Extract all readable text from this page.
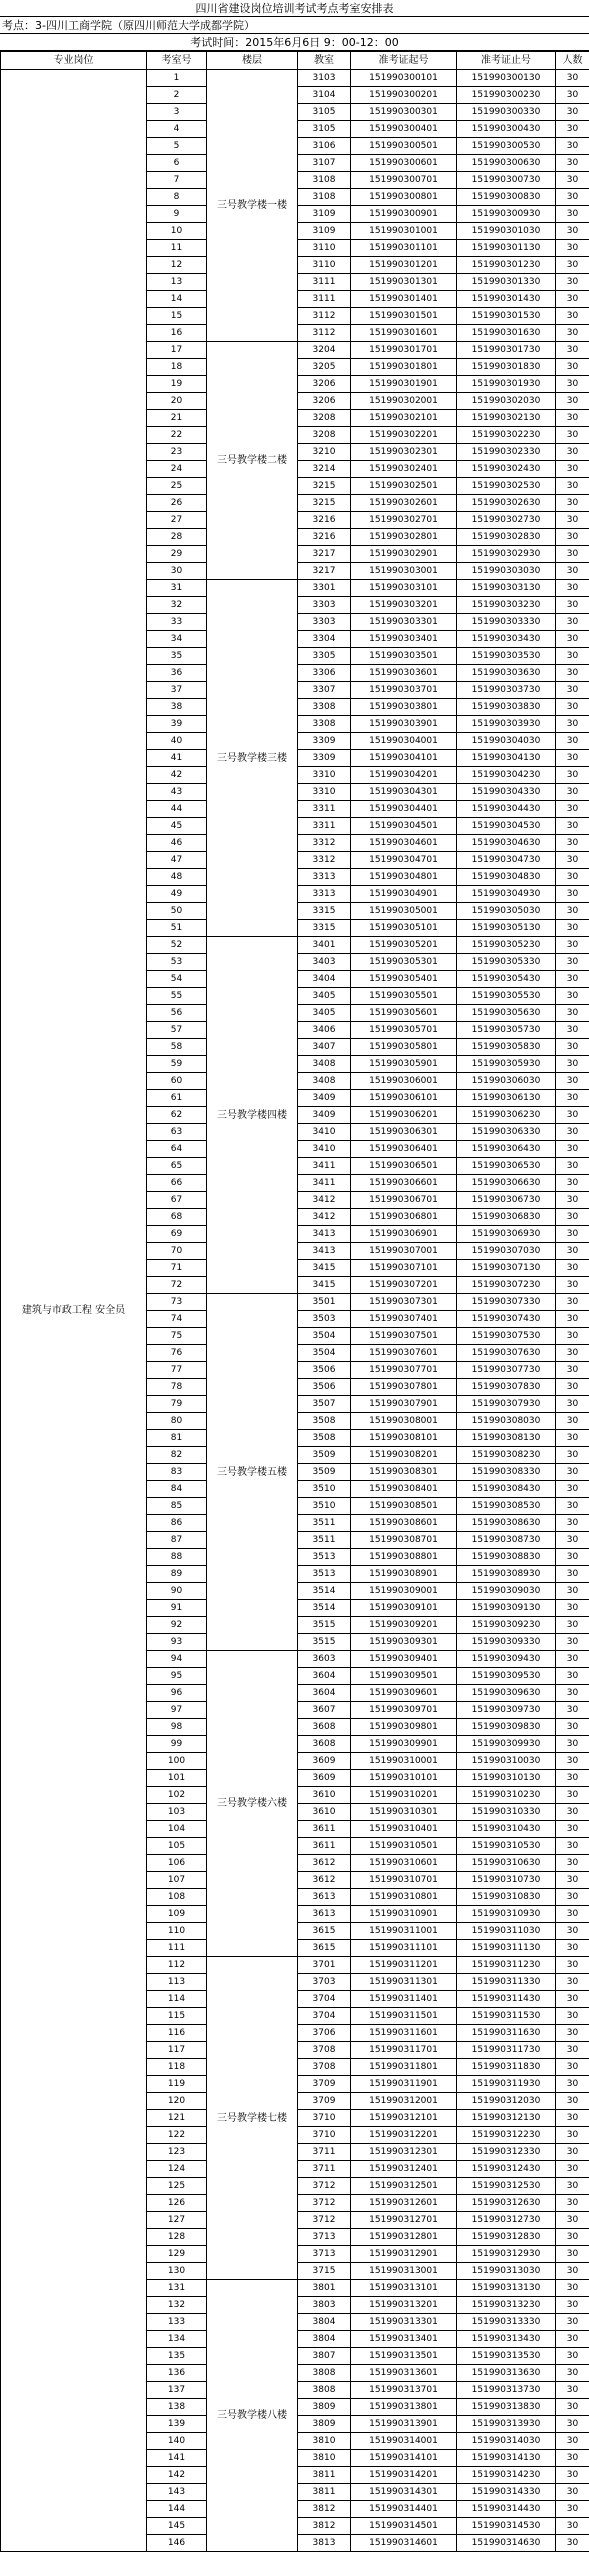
四川省建设岗位培训考试考点考室安排表
考点：3-四川工商学院（原四川师范大学成都学院）
考试时间：2015年6月6日 9：00-12：00
专业岗位	考室号	楼层	教室	准考证起号	准考证止号	人数
建筑与市政工程 安全员	1	三号教学楼一楼	3103	151990300101	151990300130	30
	2		3104	151990300201	151990300230	30
	3		3105	151990300301	151990300330	30
	4		3105	151990300401	151990300430	30
	5		3106	151990300501	151990300530	30
	6		3107	151990300601	151990300630	30
	7		3108	151990300701	151990300730	30
	8		3108	151990300801	151990300830	30
	9		3109	151990300901	151990300930	30
	10		3109	151990301001	151990301030	30
	11		3110	151990301101	151990301130	30
	12		3110	151990301201	151990301230	30
	13		3111	151990301301	151990301330	30
	14		3111	151990301401	151990301430	30
	15		3112	151990301501	151990301530	30
	16		3112	151990301601	151990301630	30
	17	三号教学楼二楼	3204	151990301701	151990301730	30
	18		3205	151990301801	151990301830	30
	19		3206	151990301901	151990301930	30
	20		3206	151990302001	151990302030	30
	21		3208	151990302101	151990302130	30
	22		3208	151990302201	151990302230	30
	23		3210	151990302301	151990302330	30
	24		3214	151990302401	151990302430	30
	25		3215	151990302501	151990302530	30
	26		3215	151990302601	151990302630	30
	27		3216	151990302701	151990302730	30
	28		3216	151990302801	151990302830	30
	29		3217	151990302901	151990302930	30
	30		3217	151990303001	151990303030	30
	31	三号教学楼三楼	3301	151990303101	151990303130	30
	32		3303	151990303201	151990303230	30
	33		3303	151990303301	151990303330	30
	34		3304	151990303401	151990303430	30
	35		3305	151990303501	151990303530	30
	36		3306	151990303601	151990303630	30
	37		3307	151990303701	151990303730	30
	38		3308	151990303801	151990303830	30
	39		3308	151990303901	151990303930	30
	40		3309	151990304001	151990304030	30
	41		3309	151990304101	151990304130	30
	42		3310	151990304201	151990304230	30
	43		3310	151990304301	151990304330	30
	44		3311	151990304401	151990304430	30
	45		3311	151990304501	151990304530	30
	46		3312	151990304601	151990304630	30
	47		3312	151990304701	151990304730	30
	48		3313	151990304801	151990304830	30
	49		3313	151990304901	151990304930	30
	50		3315	151990305001	151990305030	30
	51		3315	151990305101	151990305130	30
	52	三号教学楼四楼	3401	151990305201	151990305230	30
	53		3403	151990305301	151990305330	30
	54		3404	151990305401	151990305430	30
	55		3405	151990305501	151990305530	30
	56		3405	151990305601	151990305630	30
	57		3406	151990305701	151990305730	30
	58		3407	151990305801	151990305830	30
	59		3408	151990305901	151990305930	30
	60		3408	151990306001	151990306030	30
	61		3409	151990306101	151990306130	30
	62		3409	151990306201	151990306230	30
	63		3410	151990306301	151990306330	30
	64		3410	151990306401	151990306430	30
	65		3411	151990306501	151990306530	30
	66		3411	151990306601	151990306630	30
	67		3412	151990306701	151990306730	30
	68		3412	151990306801	151990306830	30
	69		3413	151990306901	151990306930	30
	70		3413	151990307001	151990307030	30
	71		3415	151990307101	151990307130	30
	72		3415	151990307201	151990307230	30
	73	三号教学楼五楼	3501	151990307301	151990307330	30
	74		3503	151990307401	151990307430	30
	75		3504	151990307501	151990307530	30
	76		3504	151990307601	151990307630	30
	77		3506	151990307701	151990307730	30
	78		3506	151990307801	151990307830	30
	79		3507	151990307901	151990307930	30
	80		3508	151990308001	151990308030	30
	81		3508	151990308101	151990308130	30
	82		3509	151990308201	151990308230	30
	83		3509	151990308301	151990308330	30
	84		3510	151990308401	151990308430	30
	85		3510	151990308501	151990308530	30
	86		3511	151990308601	151990308630	30
	87		3511	151990308701	151990308730	30
	88		3513	151990308801	151990308830	30
	89		3513	151990308901	151990308930	30
	90		3514	151990309001	151990309030	30
	91		3514	151990309101	151990309130	30
	92		3515	151990309201	151990309230	30
	93		3515	151990309301	151990309330	30
	94	三号教学楼六楼	3603	151990309401	151990309430	30
	95		3604	151990309501	151990309530	30
	96		3604	151990309601	151990309630	30
	97		3607	151990309701	151990309730	30
	98		3608	151990309801	151990309830	30
	99		3608	151990309901	151990309930	30
	100		3609	151990310001	151990310030	30
	101		3609	151990310101	151990310130	30
	102		3610	151990310201	151990310230	30
	103		3610	151990310301	151990310330	30
	104		3611	151990310401	151990310430	30
	105		3611	151990310501	151990310530	30
	106		3612	151990310601	151990310630	30
	107		3612	151990310701	151990310730	30
	108		3613	151990310801	151990310830	30
	109		3613	151990310901	151990310930	30
	110		3615	151990311001	151990311030	30
	111		3615	151990311101	151990311130	30
	112	三号教学楼七楼	3701	151990311201	151990311230	30
	113		3703	151990311301	151990311330	30
	114		3704	151990311401	151990311430	30
	115		3704	151990311501	151990311530	30
	116		3706	151990311601	151990311630	30
	117		3708	151990311701	151990311730	30
	118		3708	151990311801	151990311830	30
	119		3709	151990311901	151990311930	30
	120		3709	151990312001	151990312030	30
	121		3710	151990312101	151990312130	30
	122		3710	151990312201	151990312230	30
	123		3711	151990312301	151990312330	30
	124		3711	151990312401	151990312430	30
	125		3712	151990312501	151990312530	30
	126		3712	151990312601	151990312630	30
	127		3712	151990312701	151990312730	30
	128		3713	151990312801	151990312830	30
	129		3713	151990312901	151990312930	30
	130		3715	151990313001	151990313030	30
	131	三号教学楼八楼	3801	151990313101	151990313130	30
	132		3803	151990313201	151990313230	30
	133		3804	151990313301	151990313330	30
	134		3804	151990313401	151990313430	30
	135		3807	151990313501	151990313530	30
	136		3808	151990313601	151990313630	30
	137		3808	151990313701	151990313730	30
	138		3809	151990313801	151990313830	30
	139		3809	151990313901	151990313930	30
	140		3810	151990314001	151990314030	30
	141		3810	151990314101	151990314130	30
	142		3811	151990314201	151990314230	30
	143		3811	151990314301	151990314330	30
	144		3812	151990314401	151990314430	30
	145		3812	151990314501	151990314530	30
	146		3813	151990314601	151990314630	30
